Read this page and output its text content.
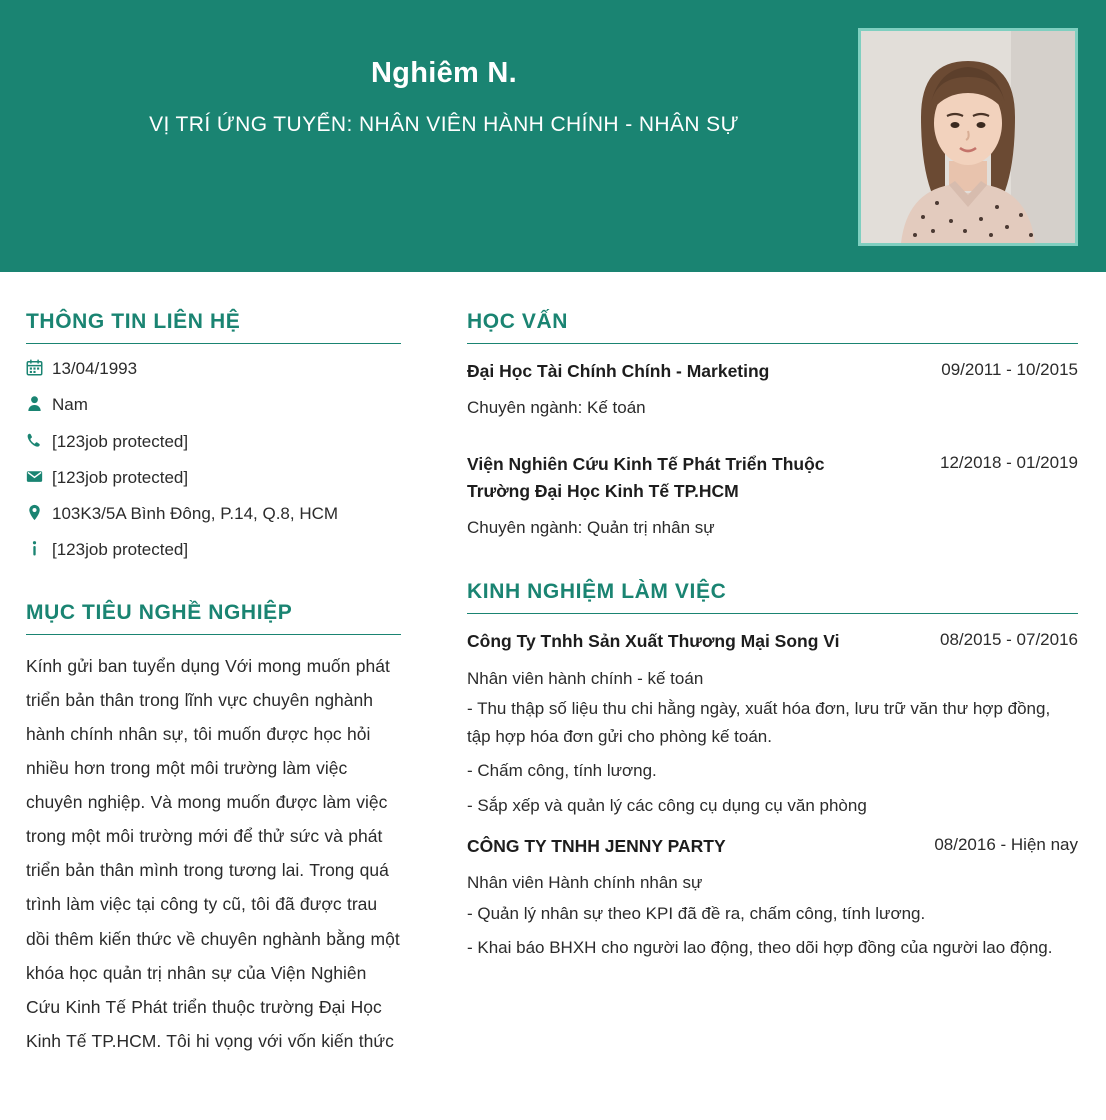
Nghiêm N.
VỊ TRÍ ỨNG TUYỂN: NHÂN VIÊN HÀNH CHÍNH - NHÂN SỰ
THÔNG TIN LIÊN HỆ
13/04/1993
Nam
[123job protected]
[123job protected]
103K3/5A Bình Đông, P.14, Q.8, HCM
[123job protected]
MỤC TIÊU NGHỀ NGHIỆP
Kính gửi ban tuyển dụng Với mong muốn phát triển bản thân trong lĩnh vực chuyên nghành hành chính nhân sự, tôi muốn được học hỏi nhiều hơn trong một môi trường làm việc chuyên nghiệp. Và mong muốn được làm việc trong một môi trường mới để thử sức và phát triển bản thân mình trong tương lai. Trong quá trình làm việc tại công ty cũ, tôi đã được trau dồi thêm kiến thức về chuyên nghành bằng một khóa học quản trị nhân sự của Viện Nghiên Cứu Kinh Tế Phát triển thuộc trường Đại Học Kinh Tế TP.HCM. Tôi hi vọng với vốn kiến thức
HỌC VẤN
Đại Học Tài Chính Chính - Marketing	09/2011 - 10/2015
Chuyên ngành: Kế toán
Viện Nghiên Cứu Kinh Tế Phát Triển Thuộc Trường Đại Học Kinh Tế TP.HCM
12/2018 - 01/2019
Chuyên ngành: Quản trị nhân sự
KINH NGHIỆM LÀM VIỆC
Công Ty Tnhh Sản Xuất Thương Mại Song Vi	08/2015 - 07/2016
Nhân viên hành chính - kế toán
- Thu thập số liệu thu chi hằng ngày, xuất hóa đơn, lưu trữ văn thư hợp đồng, tập hợp hóa đơn gửi cho phòng kế toán.
- Chấm công, tính lương.
- Sắp xếp và quản lý các công cụ dụng cụ văn phòng
CÔNG TY TNHH JENNY PARTY	08/2016 - Hiện nay
Nhân viên Hành chính nhân sự
- Quản lý nhân sự theo KPI đã đề ra, chấm công, tính lương.
- Khai báo BHXH cho người lao động, theo dõi hợp đồng của người lao động.
